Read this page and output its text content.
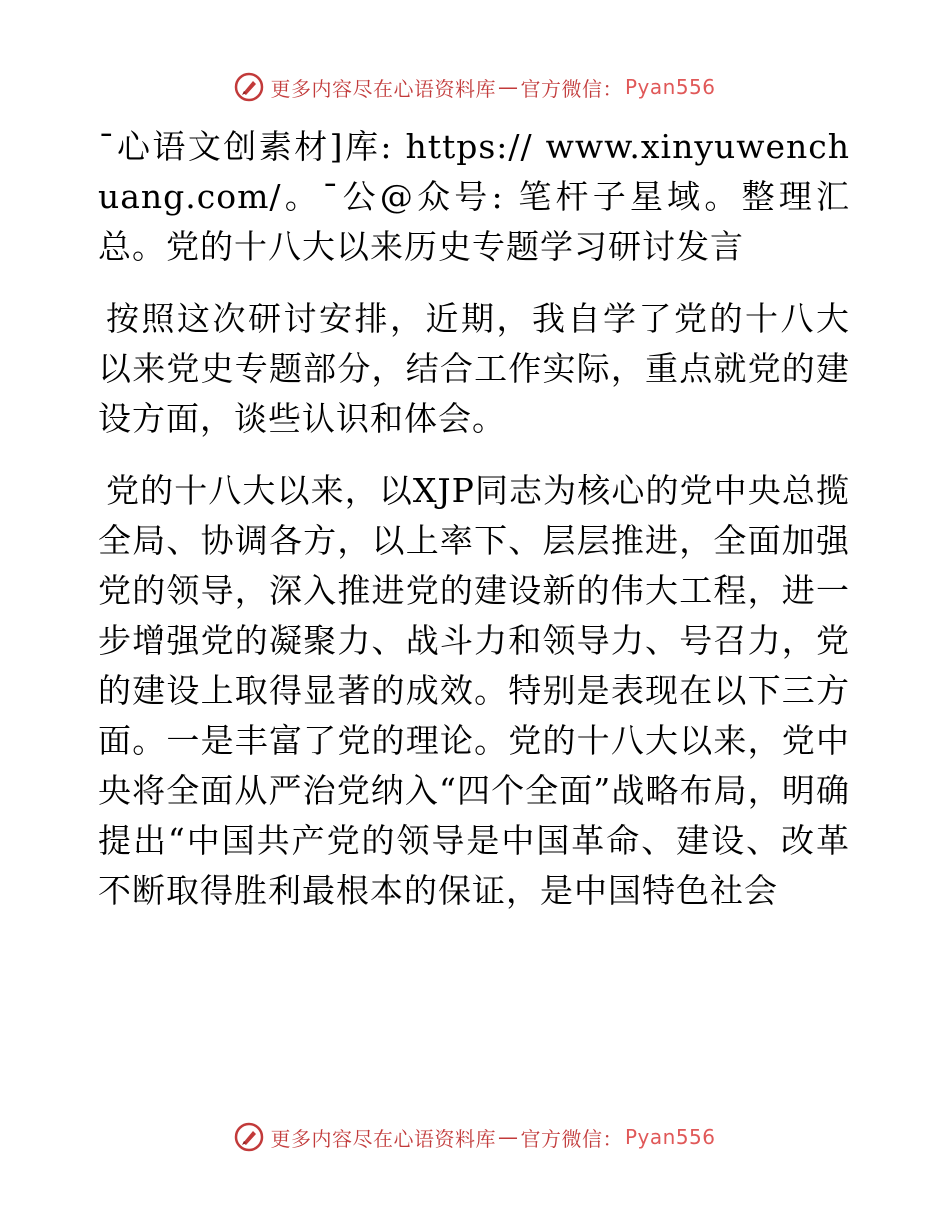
更多内容尽在心语资料库 — 官方微信： Pyan556

¯心语文创素材]库: https:// www.xinyuwenchuang.com/。¯公@众号: 笔杆子星域。整理汇总。党的十八大以来历史专题学习研讨发言

按照这次研讨安排，近期，我自学了党的十八大以来党史专题部分，结合工作实际，重点就党的建设方面，谈些认识和体会。

党的十八大以来，以XJP同志为核心的党中央总揽全局、协调各方，以上率下、层层推进，全面加强党的领导，深入推进党的建设新的伟大工程，进一步增强党的凝聚力、战斗力和领导力、号召力，党的建设上取得显著的成效。特别是表现在以下三方面。一是丰富了党的理论。党的十八大以来，党中央将全面从严治党纳入“四个全面”战略布局，明确提出“中国共产党的领导是中国革命、建设、改革不断取得胜利最根本的保证，是中国特色社会

更多内容尽在心语资料库 — 官方微信： Pyan556
